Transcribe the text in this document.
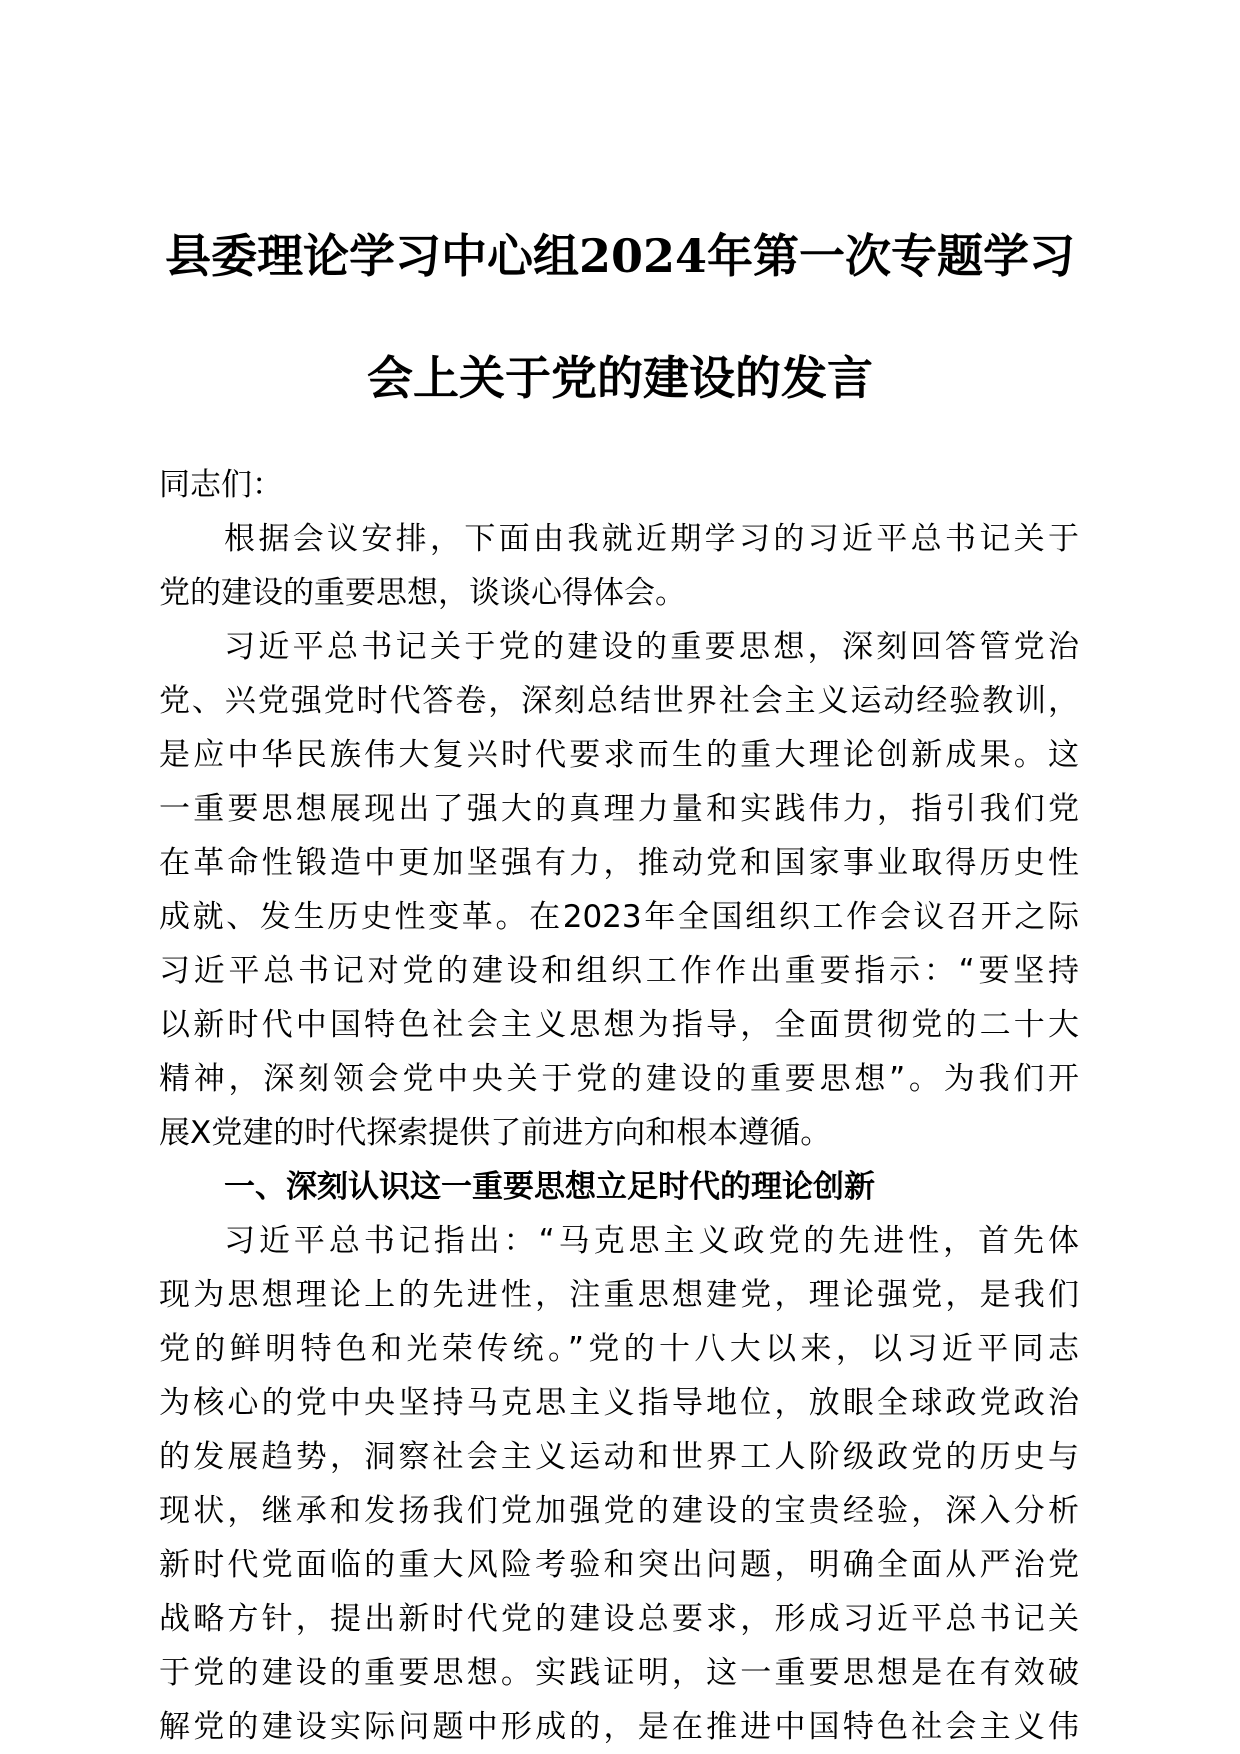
县委理论学习中心组2024年第一次专题学习
会上关于党的建设的发言
同志们：
根据会议安排，下面由我就近期学习的习近平总书记关于
党的建设的重要思想，谈谈心得体会。
习近平总书记关于党的建设的重要思想，深刻回答管党治
党、兴党强党时代答卷，深刻总结世界社会主义运动经验教训，
是应中华民族伟大复兴时代要求而生的重大理论创新成果。这
一重要思想展现出了强大的真理力量和实践伟力，指引我们党
在革命性锻造中更加坚强有力，推动党和国家事业取得历史性
成就、发生历史性变革。在2023年全国组织工作会议召开之际
习近平总书记对党的建设和组织工作作出重要指示：“要坚持
以新时代中国特色社会主义思想为指导，全面贯彻党的二十大
精神，深刻领会党中央关于党的建设的重要思想”。为我们开
展X党建的时代探索提供了前进方向和根本遵循。
一、深刻认识这一重要思想立足时代的理论创新
习近平总书记指出：“马克思主义政党的先进性，首先体
现为思想理论上的先进性，注重思想建党，理论强党，是我们
党的鲜明特色和光荣传统。”党的十八大以来，以习近平同志
为核心的党中央坚持马克思主义指导地位，放眼全球政党政治
的发展趋势，洞察社会主义运动和世界工人阶级政党的历史与
现状，继承和发扬我们党加强党的建设的宝贵经验，深入分析
新时代党面临的重大风险考验和突出问题，明确全面从严治党
战略方针，提出新时代党的建设总要求，形成习近平总书记关
于党的建设的重要思想。实践证明，这一重要思想是在有效破
解党的建设实际问题中形成的，是在推进中国特色社会主义伟
